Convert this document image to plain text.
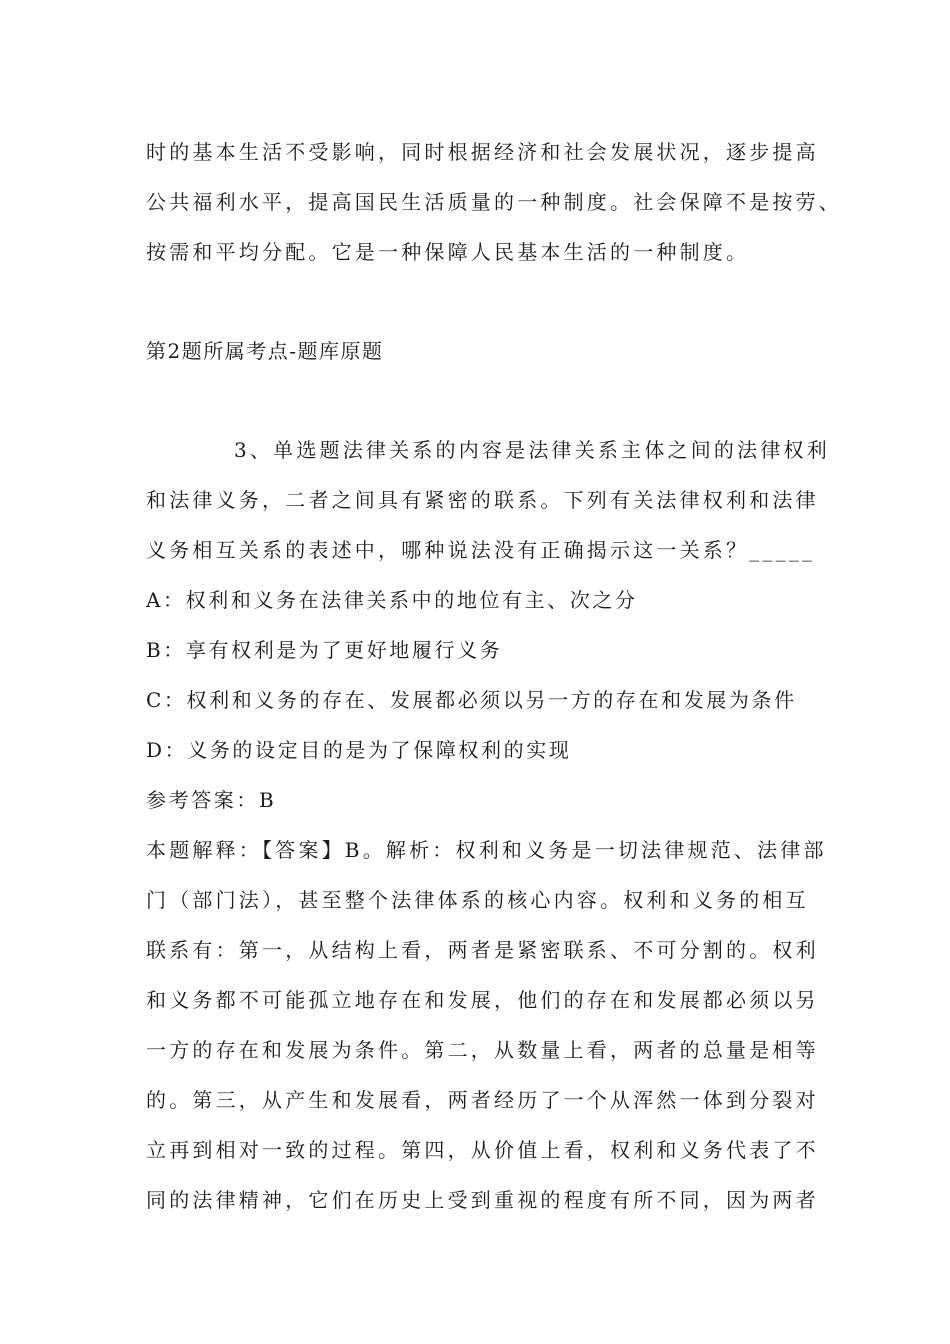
时的基本生活不受影响，同时根据经济和社会发展状况，逐步提高
公共福利水平，提高国民生活质量的一种制度。社会保障不是按劳、
按需和平均分配。它是一种保障人民基本生活的一种制度。
第2题所属考点-题库原题
3、单选题法律关系的内容是法律关系主体之间的法律权利
和法律义务，二者之间具有紧密的联系。下列有关法律权利和法律
义务相互关系的表述中，哪种说法没有正确揭示这一关系？_____
A：权利和义务在法律关系中的地位有主、次之分
B：享有权利是为了更好地履行义务
C：权利和义务的存在、发展都必须以另一方的存在和发展为条件
D：义务的设定目的是为了保障权利的实现
参考答案：B
本题解释：【答案】B。解析：权利和义务是一切法律规范、法律部
门（部门法），甚至整个法律体系的核心内容。权利和义务的相互
联系有：第一，从结构上看，两者是紧密联系、不可分割的。权利
和义务都不可能孤立地存在和发展，他们的存在和发展都必须以另
一方的存在和发展为条件。第二，从数量上看，两者的总量是相等
的。第三，从产生和发展看，两者经历了一个从浑然一体到分裂对
立再到相对一致的过程。第四，从价值上看，权利和义务代表了不
同的法律精神，它们在历史上受到重视的程度有所不同，因为两者
